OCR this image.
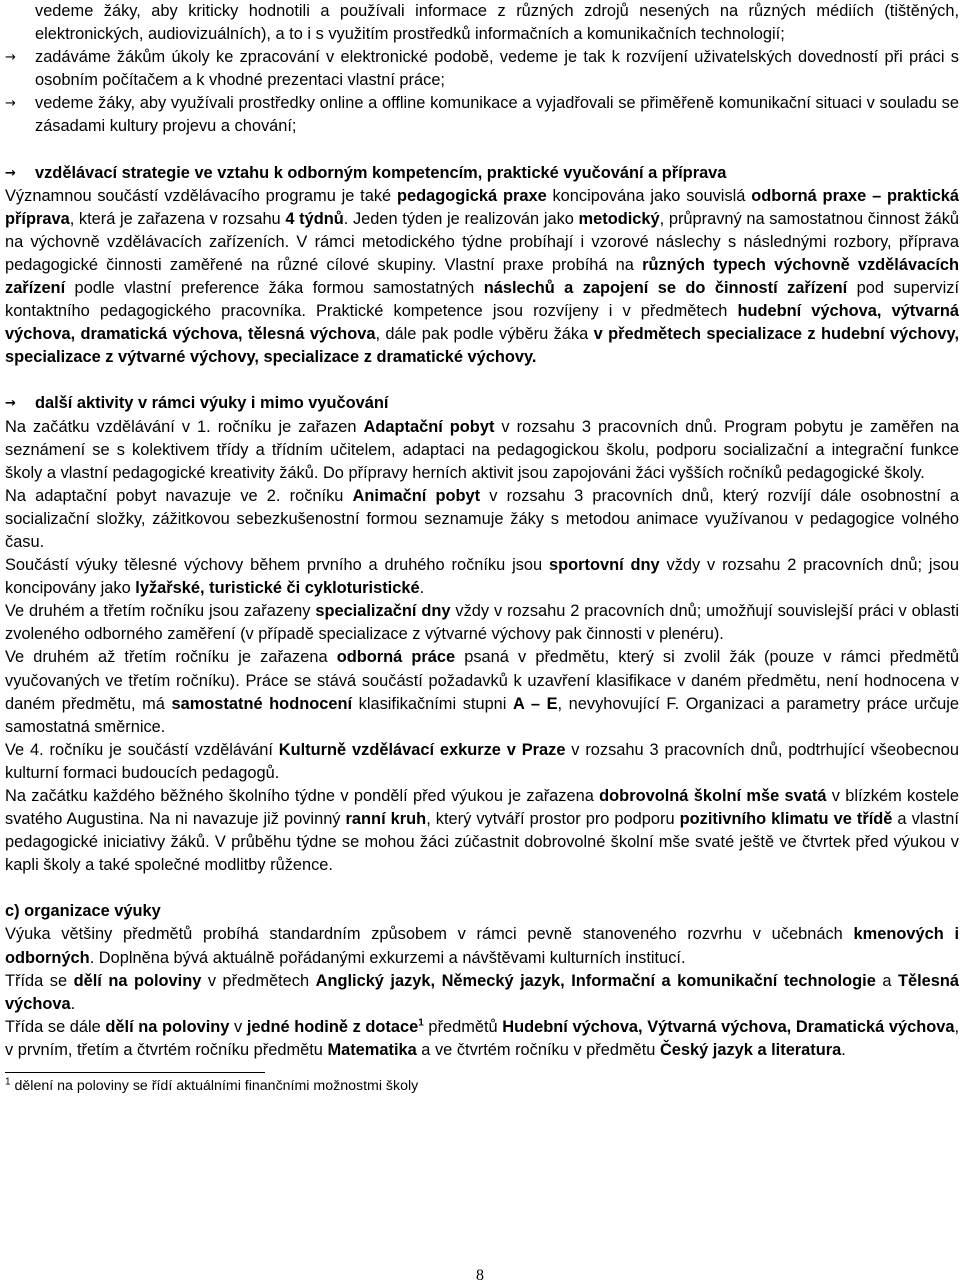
vedeme žáky, aby kriticky hodnotili a používali informace z různých zdrojů nesených na různých médiích (tištěných, elektronických, audiovizuálních), a to i s využitím prostředků informačních a komunikačních technologií;
→ zadáváme žákům úkoly ke zpracování v elektronické podobě, vedeme je tak k rozvíjení uživatelských dovedností při práci s osobním počítačem a k vhodné prezentaci vlastní práce;
→ vedeme žáky, aby využívali prostředky online a offline komunikace a vyjadřovali se přiměřeně komunikační situaci v souladu se zásadami kultury projevu a chování;
→ vzdělávací strategie ve vztahu k odborným kompetencím, praktické vyučování a příprava

Významnou součástí vzdělávacího programu je také pedagogická praxe koncipována jako souvislá odborná praxe – praktická příprava, která je zařazena v rozsahu 4 týdnů. Jeden týden je realizován jako metodický, průpravný na samostatnou činnost žáků na výchovně vzdělávacích zařízeních. V rámci metodického týdne probíhají i vzorové náslechy s následnými rozbory, příprava pedagogické činnosti zaměřené na různé cílové skupiny. Vlastní praxe probíhá na různých typech výchovně vzdělávacích zařízení podle vlastní preference žáka formou samostatných náslechů a zapojení se do činností zařízení pod supervizí kontaktního pedagogického pracovníka. Praktické kompetence jsou rozvíjeny i v předmětech hudební výchova, výtvarná výchova, dramatická výchova, tělesná výchova, dále pak podle výběru žáka v předmětech specializace z hudební výchovy, specializace z výtvarné výchovy, specializace z dramatické výchovy.

→ další aktivity v rámci výuky i mimo vyučování

Na začátku vzdělávání v 1. ročníku je zařazen Adaptační pobyt v rozsahu 3 pracovních dnů. Program pobytu je zaměřen na seznámení se s kolektivem třídy a třídním učitelem, adaptaci na pedagogickou školu, podporu socializační a integrační funkce školy a vlastní pedagogické kreativity žáků. Do přípravy herních aktivit jsou zapojováni žáci vyšších ročníků pedagogické školy.

Na adaptační pobyt navazuje ve 2. ročníku Animační pobyt v rozsahu 3 pracovních dnů, který rozvíjí dále osobnostní a socializační složky, zážitkovou sebezkušenostní formou seznamuje žáky s metodou animace využívanou v pedagogice volného času.

Součástí výuky tělesné výchovy během prvního a druhého ročníku jsou sportovní dny vždy v rozsahu 2 pracovních dnů; jsou koncipovány jako lyžařské, turistické či cykloturistické.

Ve druhém a třetím ročníku jsou zařazeny specializační dny vždy v rozsahu 2 pracovních dnů; umožňují souvislejší práci v oblasti zvoleného odborného zaměření (v případě specializace z výtvarné výchovy pak činnosti v plenéru).

Ve druhém až třetím ročníku je zařazena odborná práce psaná v předmětu, který si zvolil žák (pouze v rámci předmětů vyučovaných ve třetím ročníku). Práce se stává součástí požadavků k uzavření klasifikace v daném předmětu, není hodnocena v daném předmětu, má samostatné hodnocení klasifikačními stupni A – E, nevyhovující F. Organizaci a parametry práce určuje samostatná směrnice.

Ve 4. ročníku je součástí vzdělávání Kulturně vzdělávací exkurze v Praze v rozsahu 3 pracovních dnů, podtrhující všeobecnou kulturní formaci budoucích pedagogů.

Na začátku každého běžného školního týdne v pondělí před výukou je zařazena dobrovolná školní mše svatá v blízkém kostele svatého Augustina. Na ni navazuje již povinný ranní kruh, který vytváří prostor pro podporu pozitivního klimatu ve třídě a vlastní pedagogické iniciativy žáků. V průběhu týdne se mohou žáci zúčastnit dobrovolné školní mše svaté ještě ve čtvrtek před výukou v kapli školy a také společné modlitby růžence.

c) organizace výuky

Výuka většiny předmětů probíhá standardním způsobem v rámci pevně stanoveného rozvrhu v učebnách kmenových i odborných. Doplněna bývá aktuálně pořádanými exkurzemi a návštěvami kulturních institucí.

Třída se dělí na poloviny v předmětech Anglický jazyk, Německý jazyk, Informační a komunikační technologie a Tělesná výchova.

Třída se dále dělí na poloviny v jedné hodině z dotace$^1$ předmětů Hudební výchova, Výtvarná výchova, Dramatická výchova, v prvním, třetím a čtvrtém ročníku předmětu Matematika a ve čtvrtém ročníku v předmětu Český jazyk a literatura.

$^1$ dělení na poloviny se řídí aktuálními finančními možnostmi školy
8
